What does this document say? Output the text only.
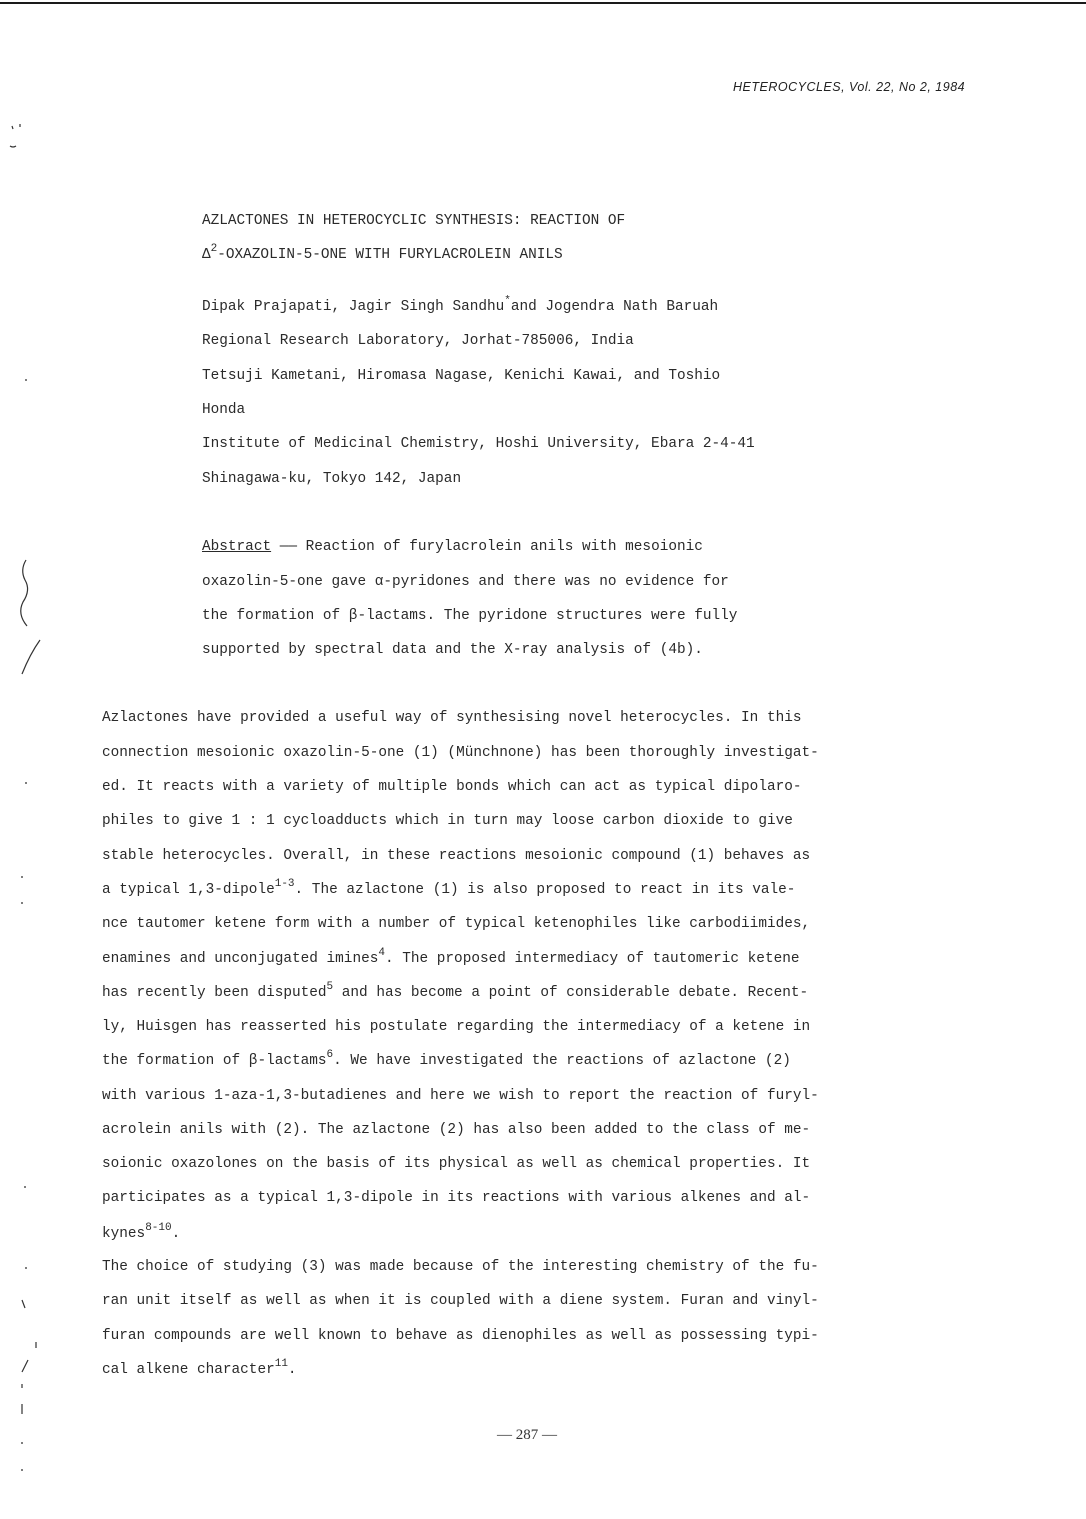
HETEROCYCLES, Vol. 22, No 2, 1984
AZLACTONES IN HETEROCYCLIC SYNTHESIS: REACTION OF
$\Delta^2-OXAZOLIN-5$-ONE WITH FURYLACROLEIN ANILS
Dipak Prajapati, Jagir Singh Sandhu*and Jogendra Nath Baruah
Regional Research Laboratory, Jorhat-785006, India
Tetsuji Kametani, Hiromasa Nagase, Kenichi Kawai, and Toshio
Honda
Institute of Medicinal Chemistry, Hoshi University, Ebara 2-4-41
Shinagawa-ku, Tokyo 142, Japan
Abstract —— Reaction of furylacrolein anils with mesoionic
oxazolin-5-one gave α-pyridones and there was no evidence for
the formation of β-lactams. The pyridone structures were fully
supported by spectral data and the X-ray analysis of (4b).
Azlactones have provided a useful way of synthesising novel heterocycles. In this
connection mesoionic oxazolin-5-one (1) (Münchnone) has been thoroughly investigat-
ed. It reacts with a variety of multiple bonds which can act as typical dipolaro-
philes to give 1 : 1 cycloadducts which in turn may loose carbon dioxide to give
stable heterocycles. Overall, in these reactions mesoionic compound (1) behaves as
a typical 1,3-dipole$^{1-3}$. The azlactone (1) is also proposed to react in its vale-
nce tautomer ketene form with a number of typical ketenophiles like carbodiimides,
enamines and unconjugated imines$^4$. The proposed intermediacy of tautomeric ketene
has recently been disputed$^5$ and has become a point of considerable debate. Recent-
ly, Huisgen has reasserted his postulate regarding the intermediacy of a ketene in
the formation of β-lactams$^6$. We have investigated the reactions of azlactone (2)
with various 1-aza-1,3-butadienes and here we wish to report the reaction of furyl-
acrolein anils with (2). The azlactone (2) has also been added to the class of me-
soionic oxazolones on the basis of its physical as well as chemical properties. It
participates as a typical 1,3-dipole in its reactions with various alkenes and al-
kynes$^{8-10}$.
The choice of studying (3) was made because of the interesting chemistry of the fu-
ran unit itself as well as when it is coupled with a diene system. Furan and vinyl-
furan compounds are well known to behave as dienophiles as well as possessing typi-
cal alkene character$^{11}$.
— 287 —
